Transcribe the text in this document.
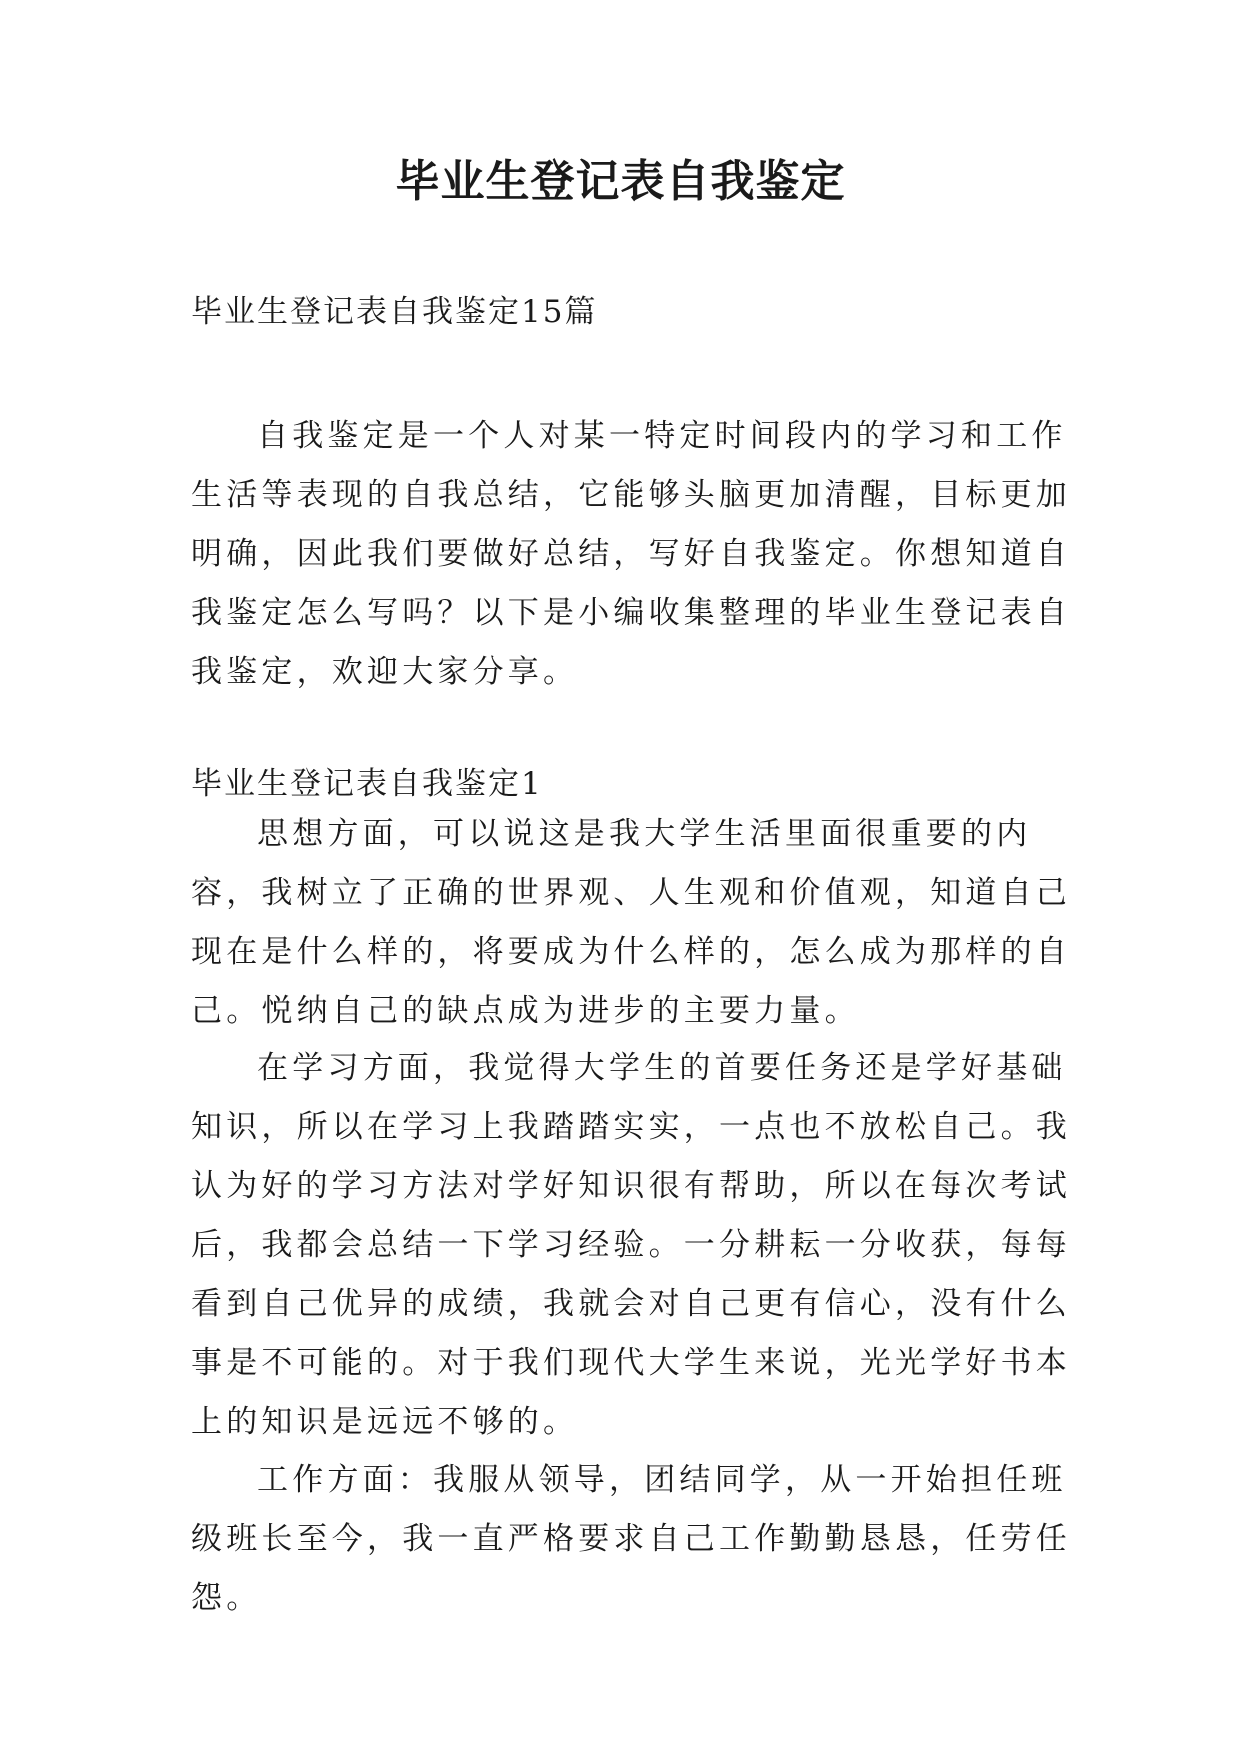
毕业生登记表自我鉴定

毕业生登记表自我鉴定15篇

自我鉴定是一个人对某一特定时间段内的学习和工作生活等表现的自我总结，它能够头脑更加清醒，目标更加明确，因此我们要做好总结，写好自我鉴定。你想知道自我鉴定怎么写吗？以下是小编收集整理的毕业生登记表自我鉴定，欢迎大家分享。

毕业生登记表自我鉴定1

思想方面，可以说这是我大学生活里面很重要的内容，我树立了正确的世界观、人生观和价值观，知道自己现在是什么样的，将要成为什么样的，怎么成为那样的自己。悦纳自己的缺点成为进步的主要力量。

在学习方面，我觉得大学生的首要任务还是学好基础知识，所以在学习上我踏踏实实，一点也不放松自己。我认为好的学习方法对学好知识很有帮助，所以在每次考试后，我都会总结一下学习经验。一分耕耘一分收获，每每看到自己优异的成绩，我就会对自己更有信心，没有什么事是不可能的。对于我们现代大学生来说，光光学好书本上的知识是远远不够的。

工作方面：我服从领导，团结同学，从一开始担任班级班长至今，我一直严格要求自己工作勤勤恳恳，任劳任怨。
